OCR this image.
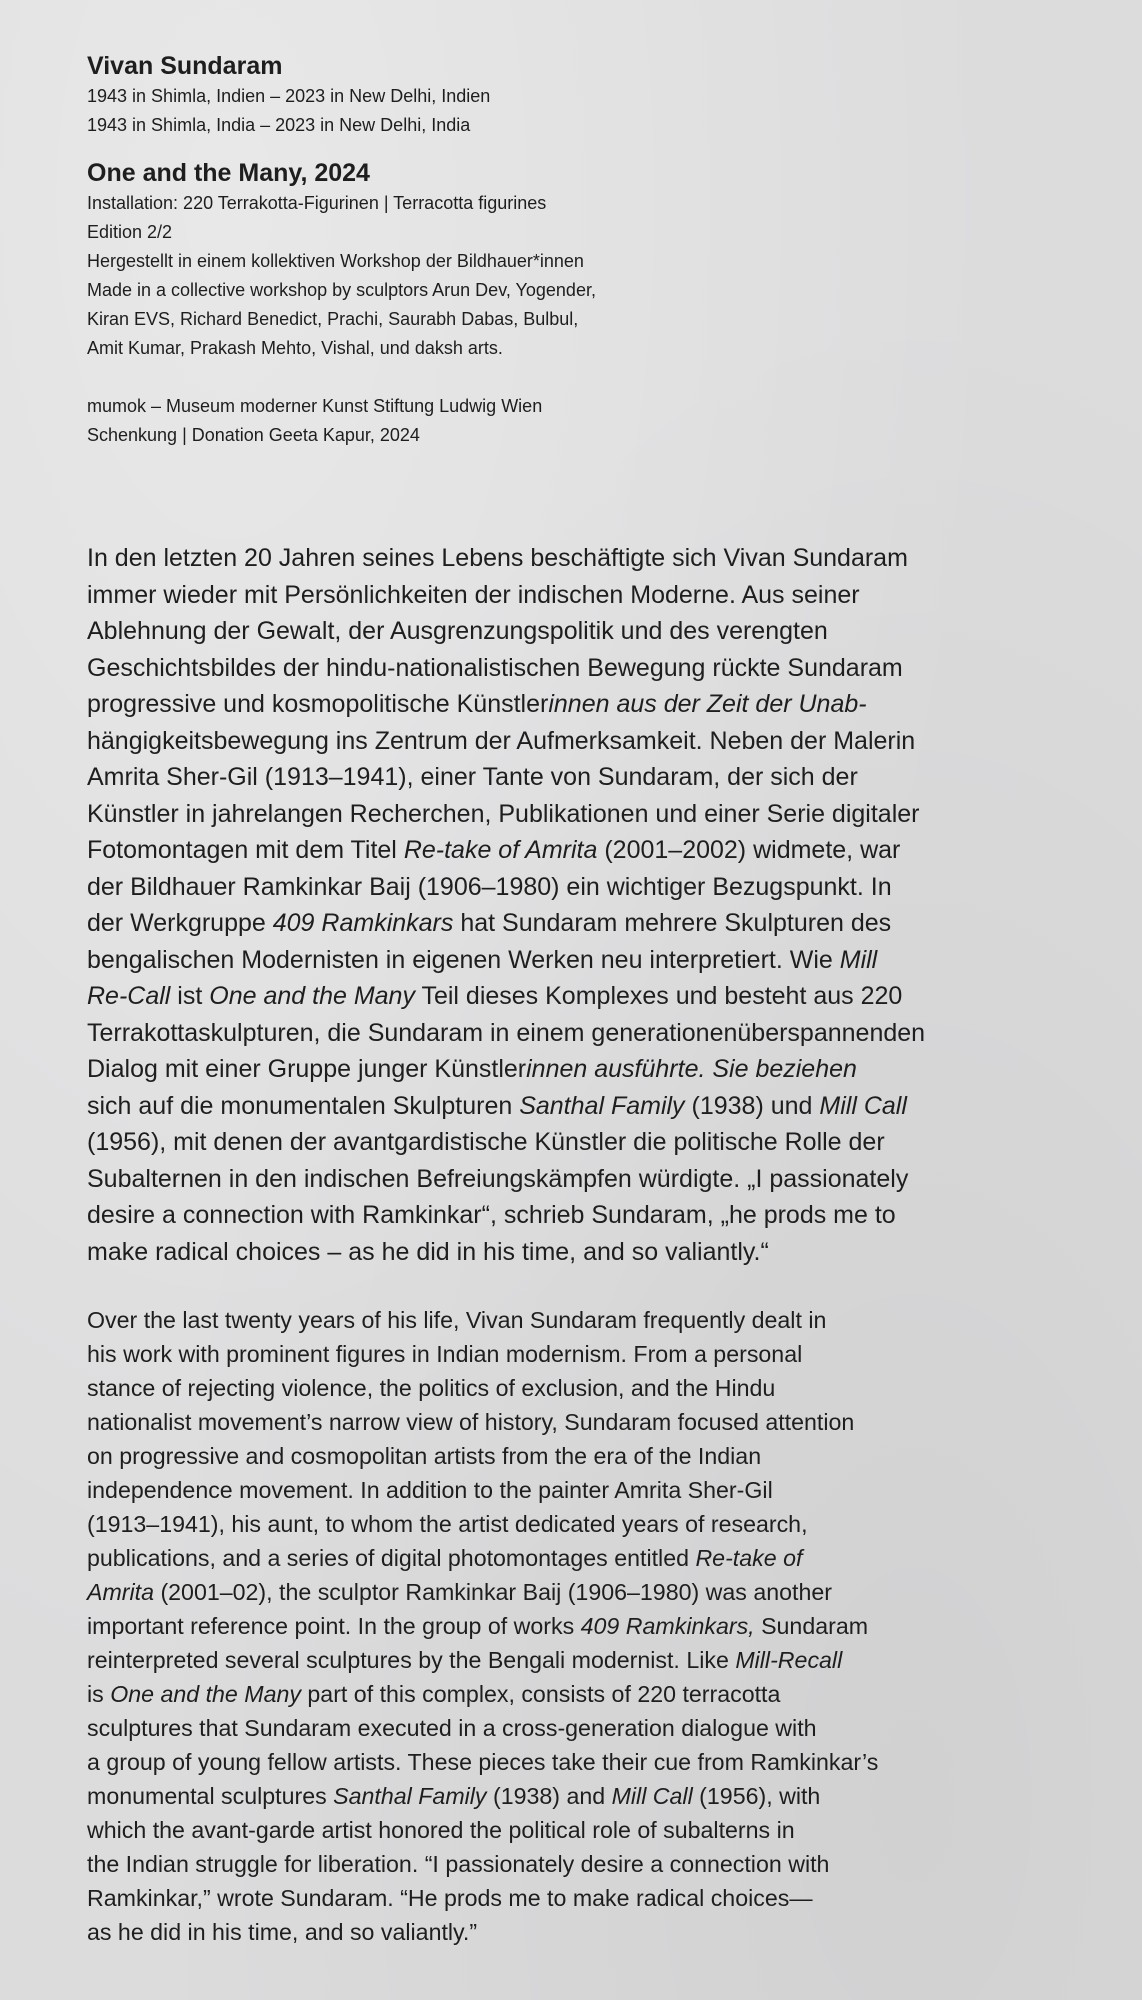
Vivan Sundaram

1943 in Shimla, Indien – 2023 in New Delhi, Indien

1943 in Shimla, India – 2023 in New Delhi, India

One and the Many, 2024

Installation: 220 Terrakotta-Figurinen | Terracotta figurines

Edition 2/2

Hergestellt in einem kollektiven Workshop der Bildhauer*innen

Made in a collective workshop by sculptors Arun Dev, Yogender,

Kiran EVS, Richard Benedict, Prachi, Saurabh Dabas, Bulbul,

Amit Kumar, Prakash Mehto, Vishal, und daksh arts.

mumok – Museum moderner Kunst Stiftung Ludwig Wien

Schenkung | Donation Geeta Kapur, 2024

In den letzten 20 Jahren seines Lebens beschäftigte sich Vivan Sundaram
immer wieder mit Persönlichkeiten der indischen Moderne. Aus seiner
Ablehnung der Gewalt, der Ausgrenzungspolitik und des verengten
Geschichtsbildes der hindu-nationalistischen Bewegung rückte Sundaram
progressive und kosmopolitische Künstlerinnen aus der Zeit der Unab-
hängigkeitsbewegung ins Zentrum der Aufmerksamkeit. Neben der Malerin
Amrita Sher-Gil (1913–1941), einer Tante von Sundaram, der sich der
Künstler in jahrelangen Recherchen, Publikationen und einer Serie digitaler
Fotomontagen mit dem Titel Re-take of Amrita (2001–2002) widmete, war
der Bildhauer Ramkinkar Baij (1906–1980) ein wichtiger Bezugspunkt. In
der Werkgruppe 409 Ramkinkars hat Sundaram mehrere Skulpturen des
bengalischen Modernisten in eigenen Werken neu interpretiert. Wie Mill
Re-Call ist One and the Many Teil dieses Komplexes und besteht aus 220
Terrakottaskulpturen, die Sundaram in einem generationenüberspannenden
Dialog mit einer Gruppe junger Künstlerinnen ausführte. Sie beziehen
sich auf die monumentalen Skulpturen Santhal Family (1938) und Mill Call
(1956), mit denen der avantgardistische Künstler die politische Rolle der
Subalternen in den indischen Befreiungskämpfen würdigte. „I passionately
desire a connection with Ramkinkar“, schrieb Sundaram, „he prods me to
make radical choices – as he did in his time, and so valiantly.“
Over the last twenty years of his life, Vivan Sundaram frequently dealt in
his work with prominent figures in Indian modernism. From a personal
stance of rejecting violence, the politics of exclusion, and the Hindu
nationalist movement’s narrow view of history, Sundaram focused attention
on progressive and cosmopolitan artists from the era of the Indian
independence movement. In addition to the painter Amrita Sher-Gil
(1913–1941), his aunt, to whom the artist dedicated years of research,
publications, and a series of digital photomontages entitled Re-take of
Amrita (2001–02), the sculptor Ramkinkar Baij (1906–1980) was another
important reference point. In the group of works 409 Ramkinkars, Sundaram
reinterpreted several sculptures by the Bengali modernist. Like Mill-Recall
is One and the Many part of this complex, consists of 220 terracotta
sculptures that Sundaram executed in a cross-generation dialogue with
a group of young fellow artists. These pieces take their cue from Ramkinkar’s
monumental sculptures Santhal Family (1938) and Mill Call (1956), with
which the avant-garde artist honored the political role of subalterns in
the Indian struggle for liberation. “I passionately desire a connection with
Ramkinkar,” wrote Sundaram. “He prods me to make radical choices—
as he did in his time, and so valiantly.”
